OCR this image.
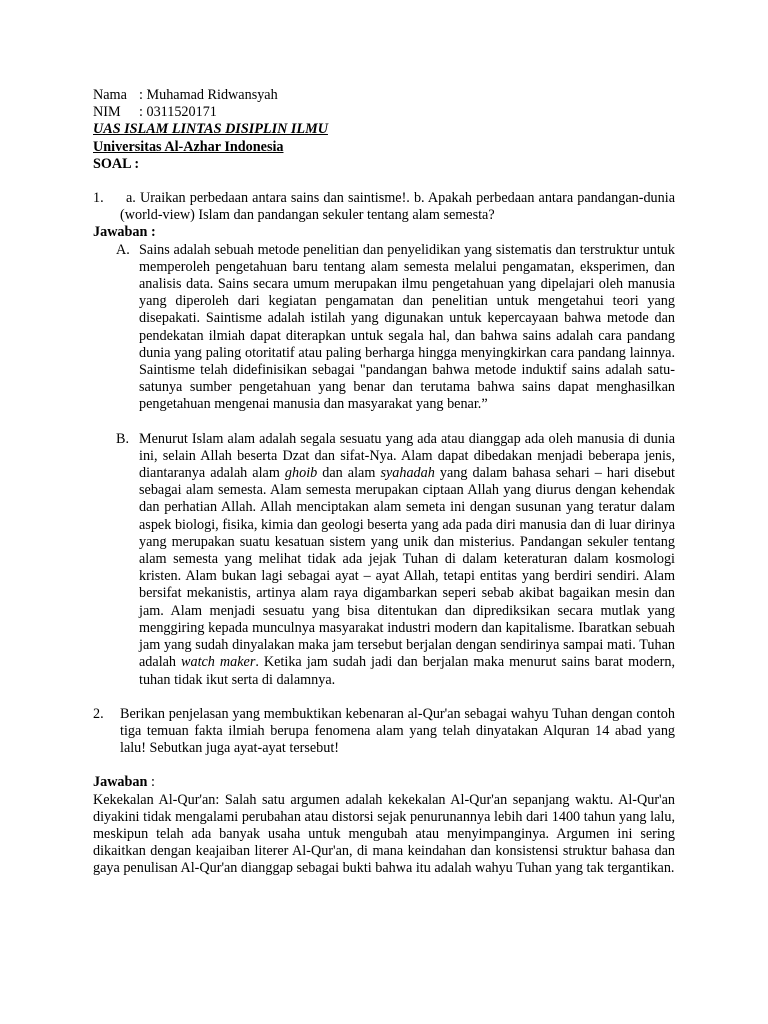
Nama : Muhamad Ridwansyah
NIM : 0311520171
UAS ISLAM LINTAS DISIPLIN ILMU
Universitas Al-Azhar Indonesia
SOAL :
1.	a. Uraikan perbedaan antara sains dan saintisme!. b. Apakah perbedaan antara pandangan-dunia (world-view) Islam dan pandangan sekuler tentang alam semesta?
Jawaban :
A. Sains adalah sebuah metode penelitian dan penyelidikan yang sistematis dan terstruktur untuk memperoleh pengetahuan baru tentang alam semesta melalui pengamatan, eksperimen, dan analisis data. Sains secara umum merupakan ilmu pengetahuan yang dipelajari oleh manusia yang diperoleh dari kegiatan pengamatan dan penelitian untuk mengetahui teori yang disepakati. Saintisme adalah istilah yang digunakan untuk kepercayaan bahwa metode dan pendekatan ilmiah dapat diterapkan untuk segala hal, dan bahwa sains adalah cara pandang dunia yang paling otoritatif atau paling berharga hingga menyingkirkan cara pandang lainnya. Saintisme telah didefinisikan sebagai "pandangan bahwa metode induktif sains adalah satu-satunya sumber pengetahuan yang benar dan terutama bahwa sains dapat menghasilkan pengetahuan mengenai manusia dan masyarakat yang benar.”
B. Menurut Islam alam adalah segala sesuatu yang ada atau dianggap ada oleh manusia di dunia ini, selain Allah beserta Dzat dan sifat-Nya. Alam dapat dibedakan menjadi beberapa jenis, diantaranya adalah alam ghoib dan alam syahadah yang dalam bahasa sehari – hari disebut sebagai alam semesta. Alam semesta merupakan ciptaan Allah yang diurus dengan kehendak dan perhatian Allah. Allah menciptakan alam semeta ini dengan susunan yang teratur dalam aspek biologi, fisika, kimia dan geologi beserta yang ada pada diri manusia dan di luar dirinya yang merupakan suatu kesatuan sistem yang unik dan misterius. Pandangan sekuler tentang alam semesta yang melihat tidak ada jejak Tuhan di dalam keteraturan dalam kosmologi kristen. Alam bukan lagi sebagai ayat – ayat Allah, tetapi entitas yang berdiri sendiri. Alam bersifat mekanistis, artinya alam raya digambarkan seperi sebab akibat bagaikan mesin dan jam. Alam menjadi sesuatu yang bisa ditentukan dan diprediksikan secara mutlak yang menggiring kepada munculnya masyarakat industri modern dan kapitalisme. Ibaratkan sebuah jam yang sudah dinyalakan maka jam tersebut berjalan dengan sendirinya sampai mati. Tuhan adalah watch maker. Ketika jam sudah jadi dan berjalan maka menurut sains barat modern, tuhan tidak ikut serta di dalamnya.
2.	Berikan penjelasan yang membuktikan kebenaran al-Qur'an sebagai wahyu Tuhan dengan contoh tiga temuan fakta ilmiah berupa fenomena alam yang telah dinyatakan Alquran 14 abad yang lalu! Sebutkan juga ayat-ayat tersebut!
Jawaban :
Kekekalan Al-Qur'an: Salah satu argumen adalah kekekalan Al-Qur'an sepanjang waktu. Al-Qur'an diyakini tidak mengalami perubahan atau distorsi sejak penurunannya lebih dari 1400 tahun yang lalu, meskipun telah ada banyak usaha untuk mengubah atau menyimpanginya. Argumen ini sering dikaitkan dengan keajaiban literer Al-Qur'an, di mana keindahan dan konsistensi struktur bahasa dan gaya penulisan Al-Qur'an dianggap sebagai bukti bahwa itu adalah wahyu Tuhan yang tak tergantikan.
